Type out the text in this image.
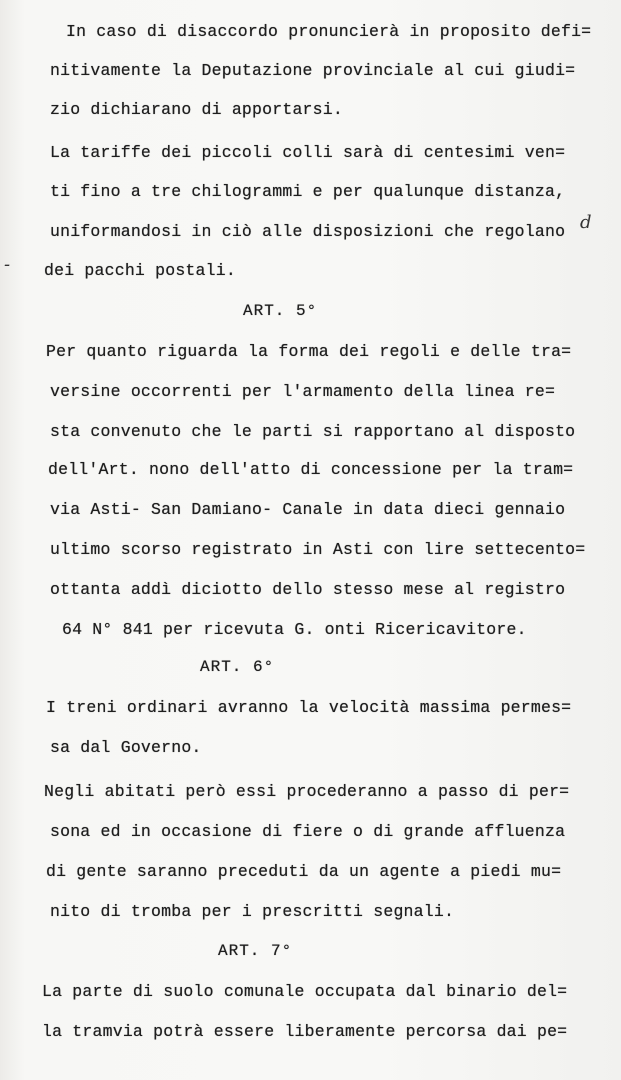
In caso di disaccordo pronuncierà in proposito defi=
nitivamente la Deputazione provinciale al cui giudi=
zio dichiarano di apportarsi.
La tariffe dei piccoli colli sarà di centesimi ven=
ti fino a tre chilogrammi e per qualunque distanza,
uniformandosi in ciò alle disposizioni che regolano d
- dei pacchi postali.
ART. 5°
Per quanto riguarda la forma dei regoli e delle tra=
versine occorrenti per l'armamento della linea re=
sta convenuto che le parti si rapportano al disposto
dell'Art. nono dell'atto di concessione per la tram=
via Asti- San Damiano- Canale in data dieci gennaio
ultimo scorso registrato in Asti con lire settecento=
ottanta addì diciotto dello stesso mese al registro
64 N° 841 per ricevuta G. onti Ricericavitore.
ART. 6°
I treni ordinari avranno la velocità massima permes=
sa dal Governo.
Negli abitati però essi procederanno a passo di per=
sona ed in occasione di fiere o di grande affluenza
di gente saranno preceduti da un agente a piedi mu=
nito di tromba per i prescritti segnali.
ART. 7°
La parte di suolo comunale occupata dal binario del=
la tramvia potrà essere liberamente percorsa dai pe=
